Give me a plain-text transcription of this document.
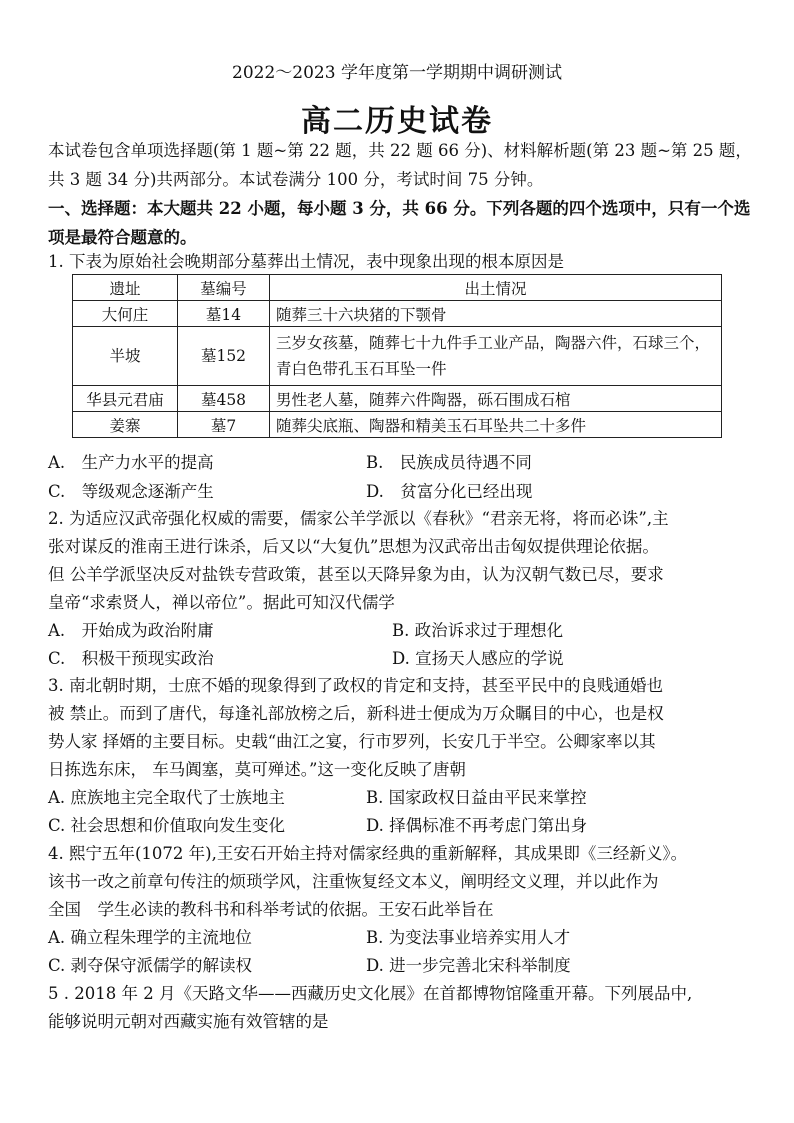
2022～2023 学年度第一学期期中调研测试
高二历史试卷
本试卷包含单项选择题(第 1 题~第 22 题，共 22 题 66 分)、材料解析题(第 23 题~第 25 题，共 3 题 34 分)共两部分。本试卷满分 100 分，考试时间 75 分钟。
一、选择题：本大题共 22 小题，每小题 3 分，共 66 分。下列各题的四个选项中，只有一个选项是最符合题意的。
1. 下表为原始社会晚期部分墓葬出土情况，表中现象出现的根本原因是
遗址	墓编号	出土情况
大何庄	墓14	随葬三十六块猪的下颚骨
半坡	墓152	三岁女孩墓，随葬七十九件手工业产品，陶器六件，石球三个，青白色带孔玉石耳坠一件
华县元君庙	墓458	男性老人墓，随葬六件陶器，砾石围成石棺
姜寨	墓7	随葬尖底瓶、陶器和精美玉石耳坠共二十多件
A.　生产力水平的提高	B.　民族成员待遇不同
C.　等级观念逐渐产生	D.　贫富分化已经出现
2. 为适应汉武帝强化权威的需要，儒家公羊学派以《春秋》“君亲无将，将而必诛”,主
张对谋反的淮南王进行诛杀，后又以“大复仇”思想为汉武帝出击匈奴提供理论依据。
但 公羊学派坚决反对盐铁专营政策，甚至以天降异象为由，认为汉朝气数已尽，要求
皇帝“求索贤人，禅以帝位”。据此可知汉代儒学
A.　开始成为政治附庸	B. 政治诉求过于理想化
C.　积极干预现实政治	D. 宣扬天人感应的学说
3. 南北朝时期，士庶不婚的现象得到了政权的肯定和支持，甚至平民中的良贱通婚也
被 禁止。而到了唐代，每逢礼部放榜之后，新科进士便成为万众瞩目的中心，也是权
势人家 择婿的主要目标。史载“曲江之宴，行市罗列，长安几于半空。公卿家率以其
日拣选东床， 车马阗塞，莫可殚述。”这一变化反映了唐朝
A. 庶族地主完全取代了士族地主	B. 国家政权日益由平民来掌控
C. 社会思想和价值取向发生变化	D. 择偶标准不再考虑门第出身
4. 熙宁五年(1072 年),王安石开始主持对儒家经典的重新解释，其成果即《三经新义》。
该书一改之前章句传注的烦琐学风，注重恢复经文本义，阐明经文义理，并以此作为
全国　学生必读的教科书和科举考试的依据。王安石此举旨在
A. 确立程朱理学的主流地位	B. 为变法事业培养实用人才
C. 剥夺保守派儒学的解读权	D. 进一步完善北宋科举制度
5 . 2018 年 2 月《天路文华——西藏历史文化展》在首都博物馆隆重开幕。下列展品中,
能够说明元朝对西藏实施有效管辖的是
